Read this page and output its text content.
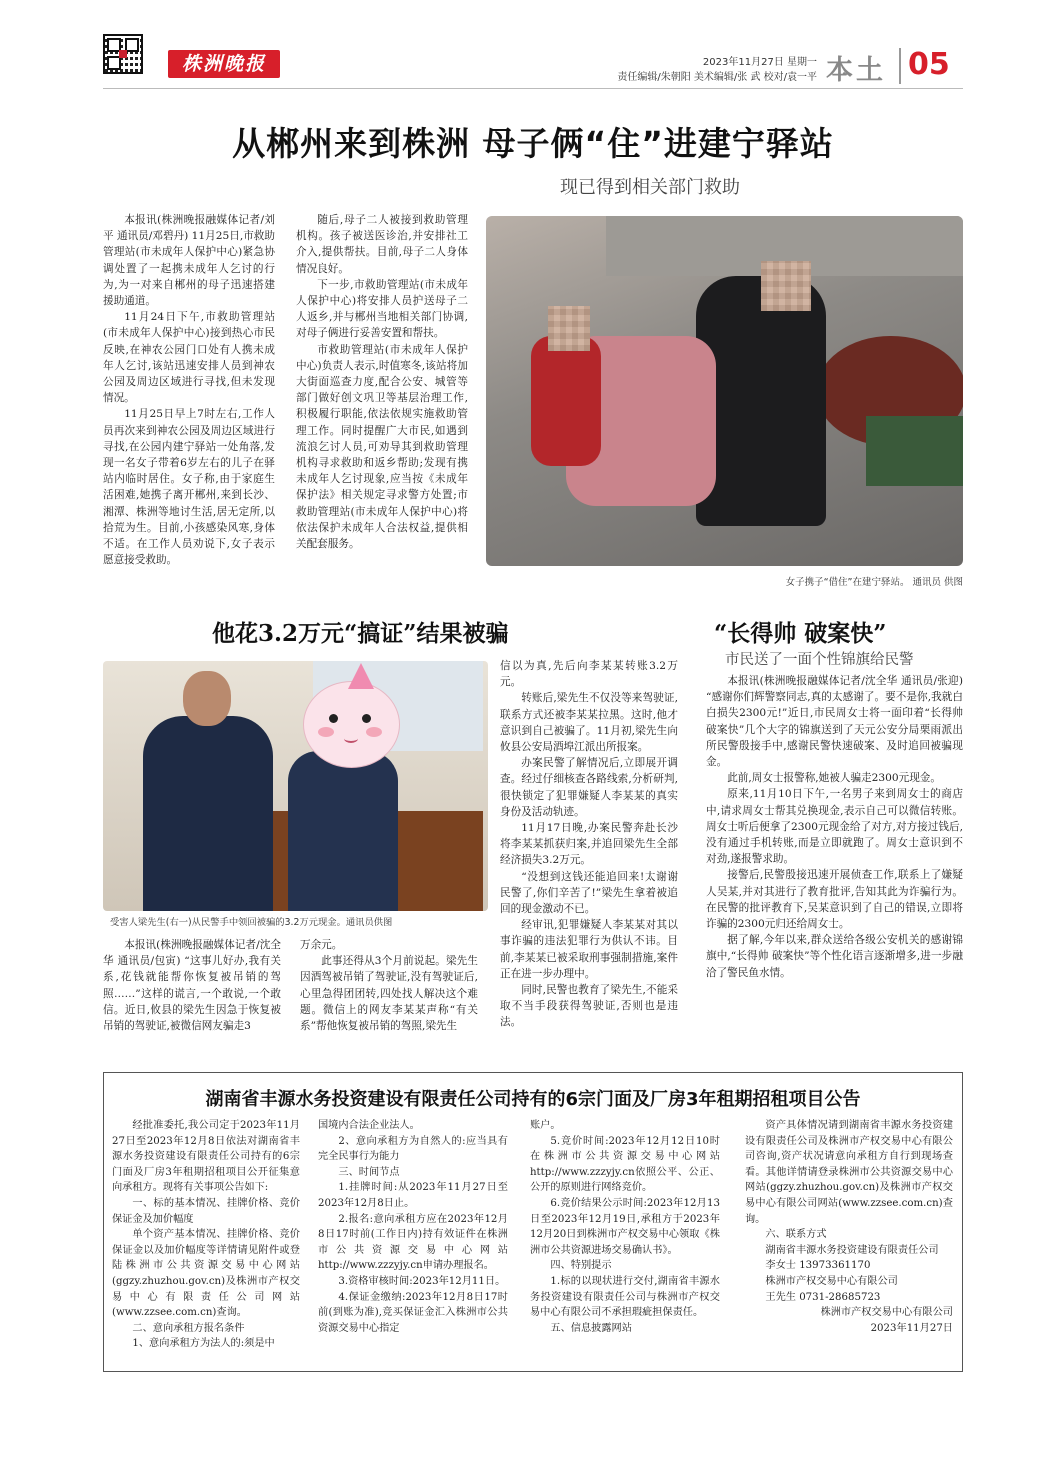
株洲晚报	2023年11月27日 星期一
责任编辑/朱朝阳 美术编辑/张 武 校对/袁一平 本土 05
从郴州来到株洲 母子俩“住”进建宁驿站
现已得到相关部门救助

本报讯(株洲晚报融媒体记者/刘平 通讯员/邓碧丹) 11月25日,市救助管理站(市未成年人保护中心)紧急协调处置了一起携未成年人乞讨的行为,为一对来自郴州的母子迅速搭建援助通道。

11月24日下午,市救助管理站(市未成年人保护中心)接到热心市民反映,在神农公园门口处有人携未成年人乞讨,该站迅速安排人员到神农公园及周边区域进行寻找,但未发现情况。

11月25日早上7时左右,工作人员再次来到神农公园及周边区域进行寻找,在公园内建宁驿站一处角落,发现一名女子带着6岁左右的儿子在驿站内临时居住。女子称,由于家庭生活困难,她携子离开郴州,来到长沙、湘潭、株洲等地讨生活,居无定所,以拾荒为生。目前,小孩感染风寒,身体不适。在工作人员劝说下,女子表示愿意接受救助。

随后,母子二人被接到救助管理机构。孩子被送医诊治,并安排社工介入,提供帮扶。目前,母子二人身体情况良好。

下一步,市救助管理站(市未成年人保护中心)将安排人员护送母子二人返乡,并与郴州当地相关部门协调,对母子俩进行妥善安置和帮扶。

市救助管理站(市未成年人保护中心)负责人表示,时值寒冬,该站将加大街面巡查力度,配合公安、城管等部门做好创文巩卫等基层治理工作,积极履行职能,依法依规实施救助管理工作。同时提醒广大市民,如遇到流浪乞讨人员,可劝导其到救助管理机构寻求救助和返乡帮助;发现有携未成年人乞讨现象,应当按《未成年保护法》相关规定寻求警方处置;市救助管理站(市未成年人保护中心)将依法保护未成年人合法权益,提供相关配套服务。

女子携子“借住”在建宁驿站。 通讯员 供图
他花3.2万元“搞证”结果被骗
受害人梁先生(右一)从民警手中领回被骗的3.2万元现金。通讯员供图

本报讯(株洲晚报融媒体记者/沈全华 通讯员/包寅) “这事儿好办,我有关系,花钱就能帮你恢复被吊销的驾照……”这样的谎言,一个敢说,一个敢信。近日,攸县的梁先生因急于恢复被吊销的驾驶证,被微信网友骗走3

万余元。

此事还得从3个月前说起。梁先生因酒驾被吊销了驾驶证,没有驾驶证后,心里急得团团转,四处找人解决这个难题。微信上的网友李某某声称“有关系”帮他恢复被吊销的驾照,梁先生

信以为真,先后向李某某转账3.2万元。

转账后,梁先生不仅没等来驾驶证,联系方式还被李某某拉黑。这时,他才意识到自己被骗了。11月初,梁先生向攸县公安局酒埠江派出所报案。

办案民警了解情况后,立即展开调查。经过仔细核查各路线索,分析研判,很快锁定了犯罪嫌疑人李某某的真实身份及活动轨迹。

11月17日晚,办案民警奔赴长沙将李某某抓获归案,并追回梁先生全部经济损失3.2万元。

“没想到这钱还能追回来!太谢谢民警了,你们辛苦了!”梁先生拿着被追回的现金激动不已。

经审讯,犯罪嫌疑人李某某对其以事诈骗的违法犯罪行为供认不讳。目前,李某某已被采取刑事强制措施,案件正在进一步办理中。

同时,民警也教育了梁先生,不能采取不当手段获得驾驶证,否则也是违法。

“长得帅 破案快”
市民送了一面个性锦旗给民警

本报讯(株洲晚报融媒体记者/沈全华 通讯员/张迎) “感谢你们辉警察同志,真的太感谢了。要不是你,我就白白损失2300元!”近日,市民周女士将一面印着“长得帅 破案快”几个大字的锦旗送到了天元公安分局栗雨派出所民警殷接手中,感谢民警快速破案、及时追回被骗现金。

此前,周女士报警称,她被人骗走2300元现金。

原来,11月10日下午,一名男子来到周女士的商店中,请求周女士帮其兑换现金,表示自己可以微信转账。周女士听后便拿了2300元现金给了对方,对方接过钱后,没有通过手机转账,而是立即就跑了。周女士意识到不对劲,遂报警求助。

接警后,民警殷接迅速开展侦查工作,联系上了嫌疑人吴某,并对其进行了教育批评,告知其此为诈骗行为。在民警的批评教育下,吴某意识到了自己的错误,立即将诈骗的2300元归还给周女士。

据了解,今年以来,群众送给各级公安机关的感谢锦旗中,“长得帅 破案快”等个性化语言逐渐增多,进一步融洽了警民鱼水情。

湖南省丰源水务投资建设有限责任公司持有的6宗门面及厂房3年租期招租项目公告

经批准委托,我公司定于2023年11月27日至2023年12月8日依法对湖南省丰源水务投资建设有限责任公司持有的6宗门面及厂房3年租期招租项目公开征集意向承租方。现将有关事项公告如下:

一、标的基本情况、挂牌价格、竞价保证金及加价幅度

单个资产基本情况、挂牌价格、竞价保证金以及加价幅度等详情请见附件或登陆株洲市公共资源交易中心网站(ggzy.zhuzhou.gov.cn)及株洲市产权交易中心有限责任公司网站(www.zzsee.com.cn)查询。

二、意向承租方报名条件

1、意向承租方为法人的:须是中

国境内合法企业法人。

2、意向承租方为自然人的:应当具有完全民事行为能力

三、时间节点

1.挂牌时间:从2023年11月27日至2023年12月8日止。

2.报名:意向承租方应在2023年12月8日17时前(工作日内)持有效证件在株洲市公共资源交易中心网站http://www.zzzyjy.cn申请办理报名。

3.资格审核时间:2023年12月11日。

4.保证金缴纳:2023年12月8日17时前(到账为准),竞买保证金汇入株洲市公共资源交易中心指定

账户。

5.竞价时间:2023年12月12日10时在株洲市公共资源交易中心网站http://www.zzzyjy.cn依照公平、公正、公开的原则进行网络竞价。

6.竞价结果公示时间:2023年12月13日至2023年12月19日,承租方于2023年12月20日到株洲市产权交易中心领取《株洲市公共资源进场交易确认书》。

四、特别提示

1.标的以现状进行交付,湖南省丰源水务投资建设有限责任公司与株洲市产权交易中心有限公司不承担瑕疵担保责任。

五、信息披露网站

资产具体情况请到湖南省丰源水务投资建设有限责任公司及株洲市产权交易中心有限公司咨询,资产状况请意向承租方自行到现场查看。其他详情请登录株洲市公共资源交易中心网站(ggzy.zhuzhou.gov.cn)及株洲市产权交易中心有限公司网站(www.zzsee.com.cn)查询。

六、联系方式

湖南省丰源水务投资建设有限责任公司

李女士 13973361170

株洲市产权交易中心有限公司

王先生 0731-28685723

株洲市产权交易中心有限公司

2023年11月27日
